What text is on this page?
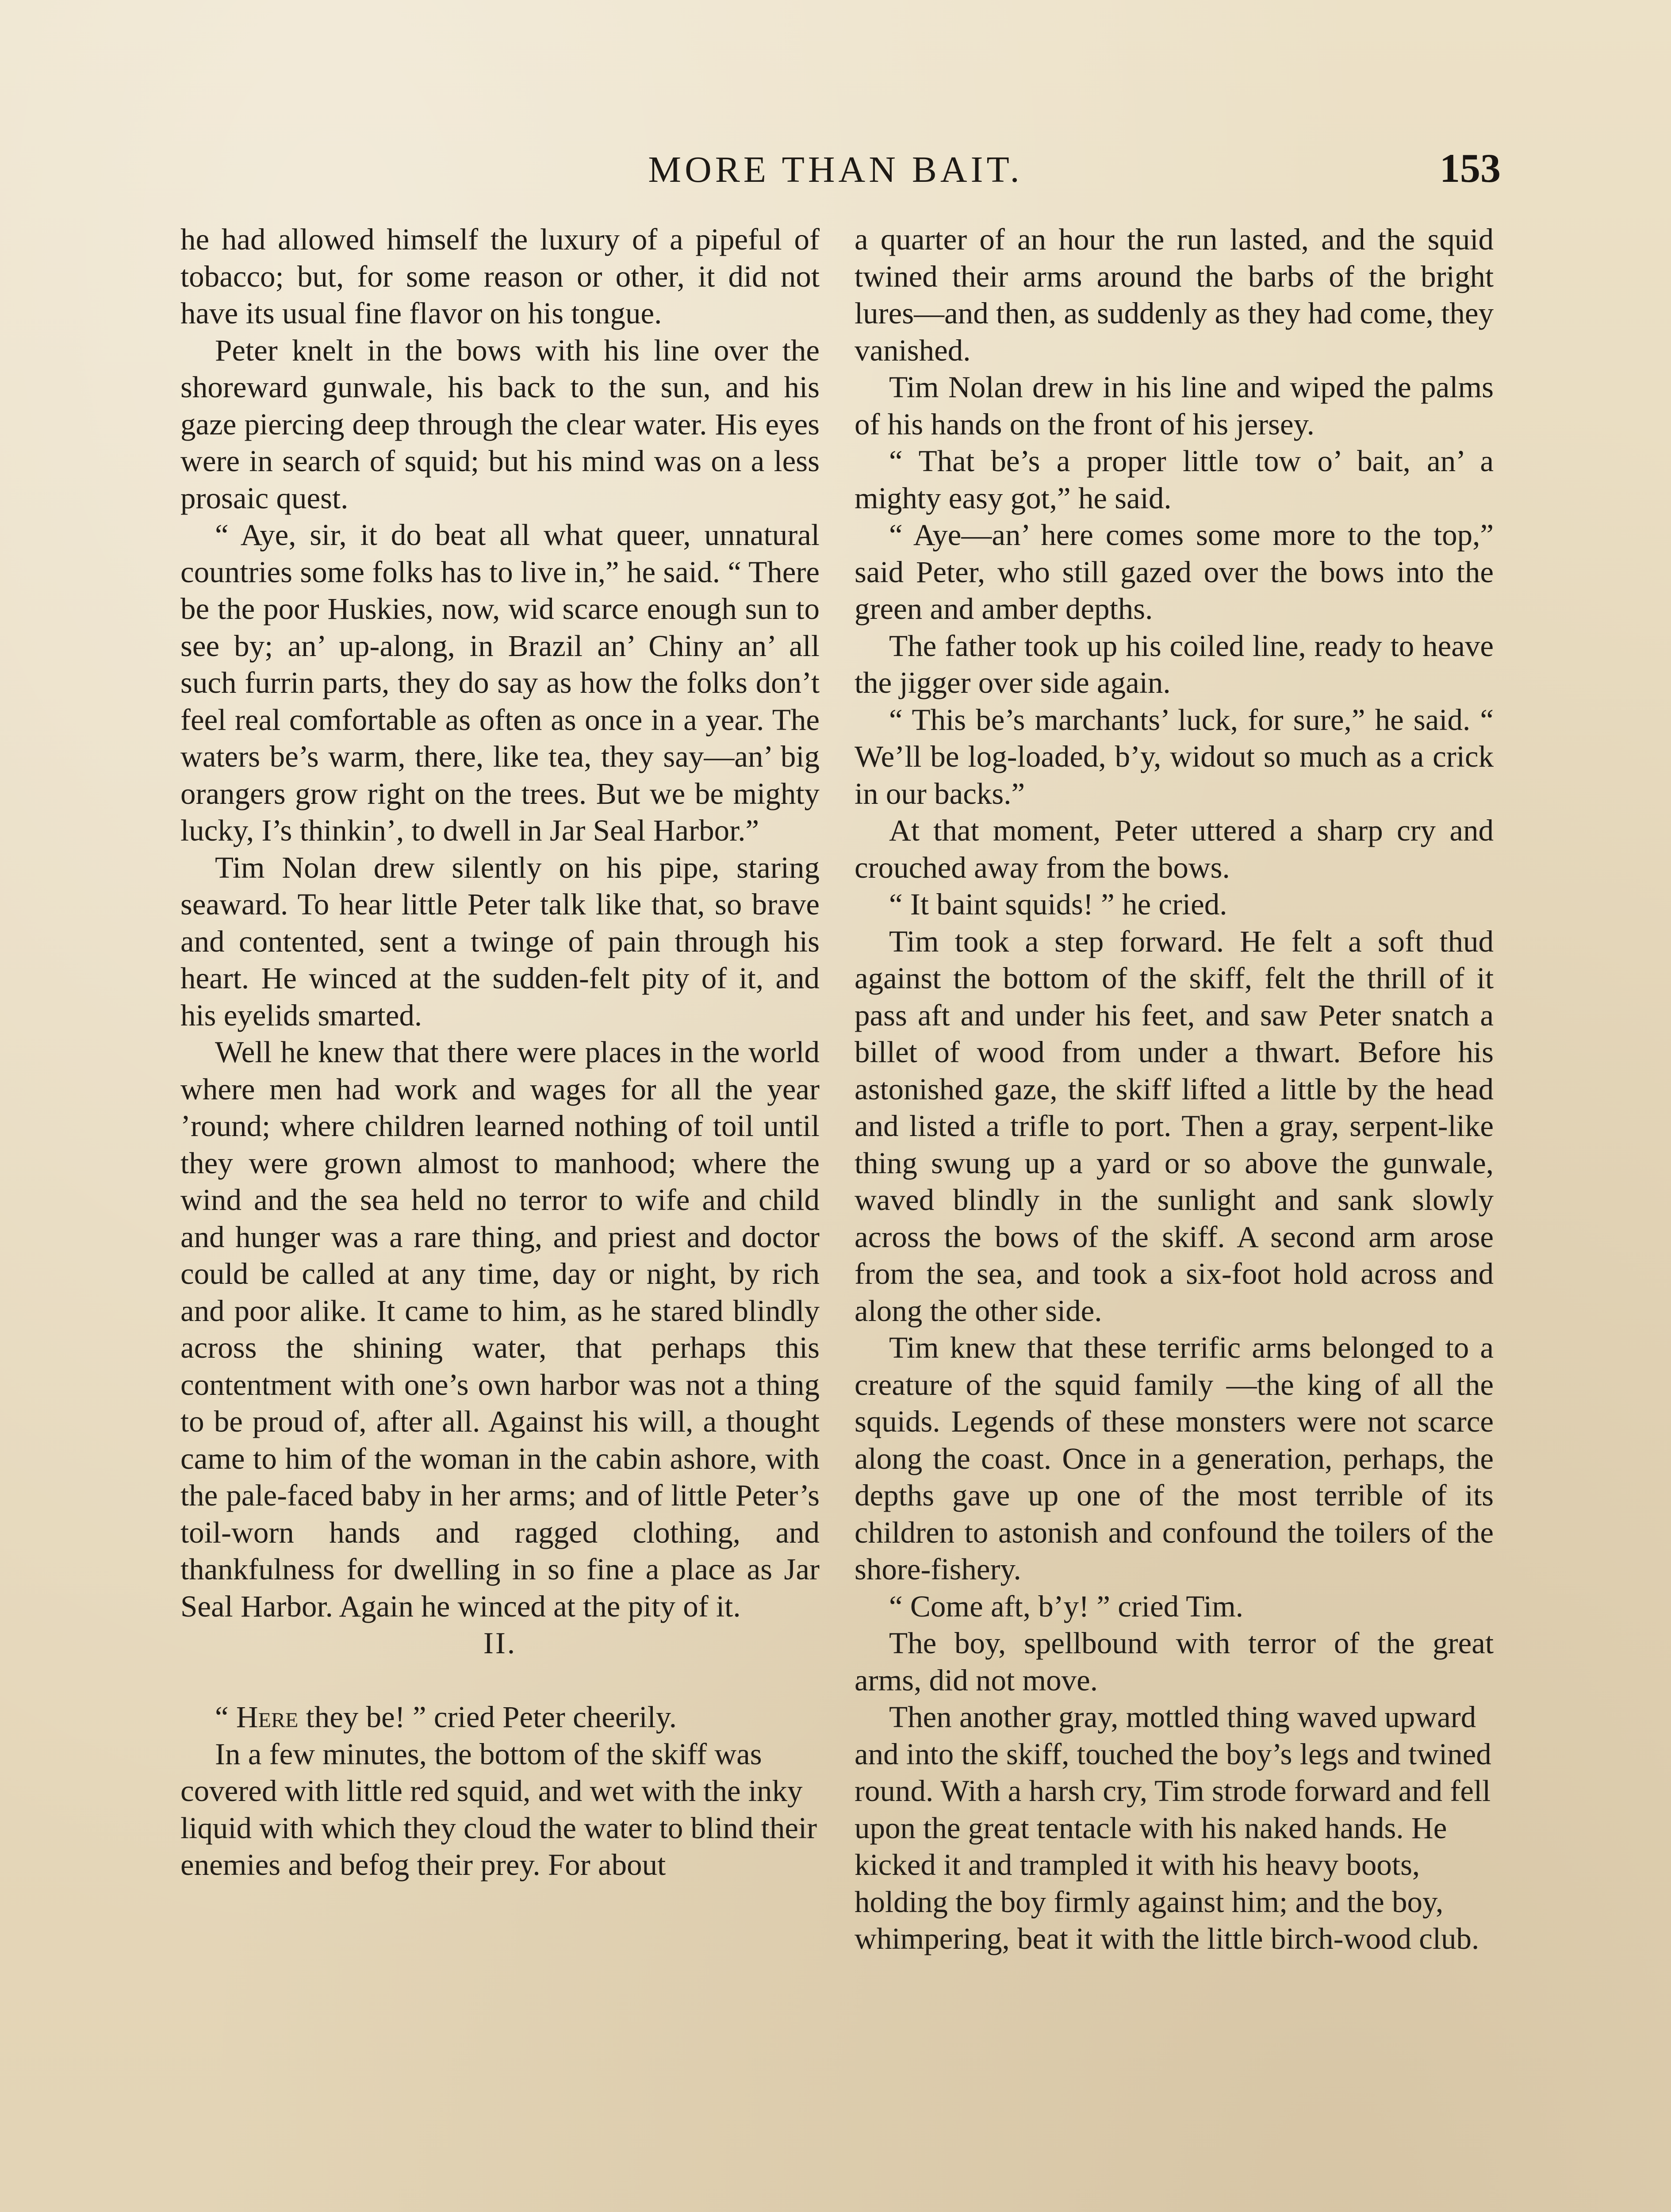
MORE THAN BAIT.	153

he had allowed himself the luxury of a pipeful of tobacco; but, for some reason or other, it did not have its usual fine flavor on his tongue.

Peter knelt in the bows with his line over the shoreward gunwale, his back to the sun, and his gaze piercing deep through the clear water. His eyes were in search of squid; but his mind was on a less prosaic quest.

“ Aye, sir, it do beat all what queer, unnatural countries some folks has to live in,” he said. “ There be the poor Huskies, now, wid scarce enough sun to see by; an’ up-along, in Brazil an’ Chiny an’ all such furrin parts, they do say as how the folks don’t feel real comfortable as often as once in a year. The waters be’s warm, there, like tea, they say—an’ big orangers grow right on the trees. But we be mighty lucky, I’s thinkin’, to dwell in Jar Seal Harbor.”

Tim Nolan drew silently on his pipe, staring seaward. To hear little Peter talk like that, so brave and contented, sent a twinge of pain through his heart. He winced at the sudden-felt pity of it, and his eyelids smarted.

Well he knew that there were places in the world where men had work and wages for all the year ’round; where children learned nothing of toil until they were grown almost to manhood; where the wind and the sea held no terror to wife and child and hunger was a rare thing, and priest and doctor could be called at any time, day or night, by rich and poor alike. It came to him, as he stared blindly across the shining water, that perhaps this contentment with one’s own harbor was not a thing to be proud of, after all. Against his will, a thought came to him of the woman in the cabin ashore, with the pale-faced baby in her arms; and of little Peter’s toil-worn hands and ragged clothing, and thankfulness for dwelling in so fine a place as Jar Seal Harbor. Again he winced at the pity of it.

II.

“ Here they be! ” cried Peter cheerily.

In a few minutes, the bottom of the skiff was covered with little red squid, and wet with the inky liquid with which they cloud the water to blind their enemies and befog their prey. For about

a quarter of an hour the run lasted, and the squid twined their arms around the barbs of the bright lures—and then, as suddenly as they had come, they vanished.

Tim Nolan drew in his line and wiped the palms of his hands on the front of his jersey.

“ That be’s a proper little tow o’ bait, an’ a mighty easy got,” he said.

“ Aye—an’ here comes some more to the top,” said Peter, who still gazed over the bows into the green and amber depths.

The father took up his coiled line, ready to heave the jigger over side again.

“ This be’s marchants’ luck, for sure,” he said. “ We’ll be log-loaded, b’y, widout so much as a crick in our backs.”

At that moment, Peter uttered a sharp cry and crouched away from the bows.

“ It baint squids! ” he cried.

Tim took a step forward. He felt a soft thud against the bottom of the skiff, felt the thrill of it pass aft and under his feet, and saw Peter snatch a billet of wood from under a thwart. Before his astonished gaze, the skiff lifted a little by the head and listed a trifle to port. Then a gray, serpent-like thing swung up a yard or so above the gunwale, waved blindly in the sunlight and sank slowly across the bows of the skiff. A second arm arose from the sea, and took a six-foot hold across and along the other side.

Tim knew that these terrific arms belonged to a creature of the squid family —the king of all the squids. Legends of these monsters were not scarce along the coast. Once in a generation, perhaps, the depths gave up one of the most terrible of its children to astonish and confound the toilers of the shore-fishery.

“ Come aft, b’y! ” cried Tim.

The boy, spellbound with terror of the great arms, did not move.

Then another gray, mottled thing waved upward and into the skiff, touched the boy’s legs and twined round. With a harsh cry, Tim strode forward and fell upon the great tentacle with his naked hands. He kicked it and trampled it with his heavy boots, holding the boy firmly against him; and the boy, whimpering, beat it with the little birch-wood club.
